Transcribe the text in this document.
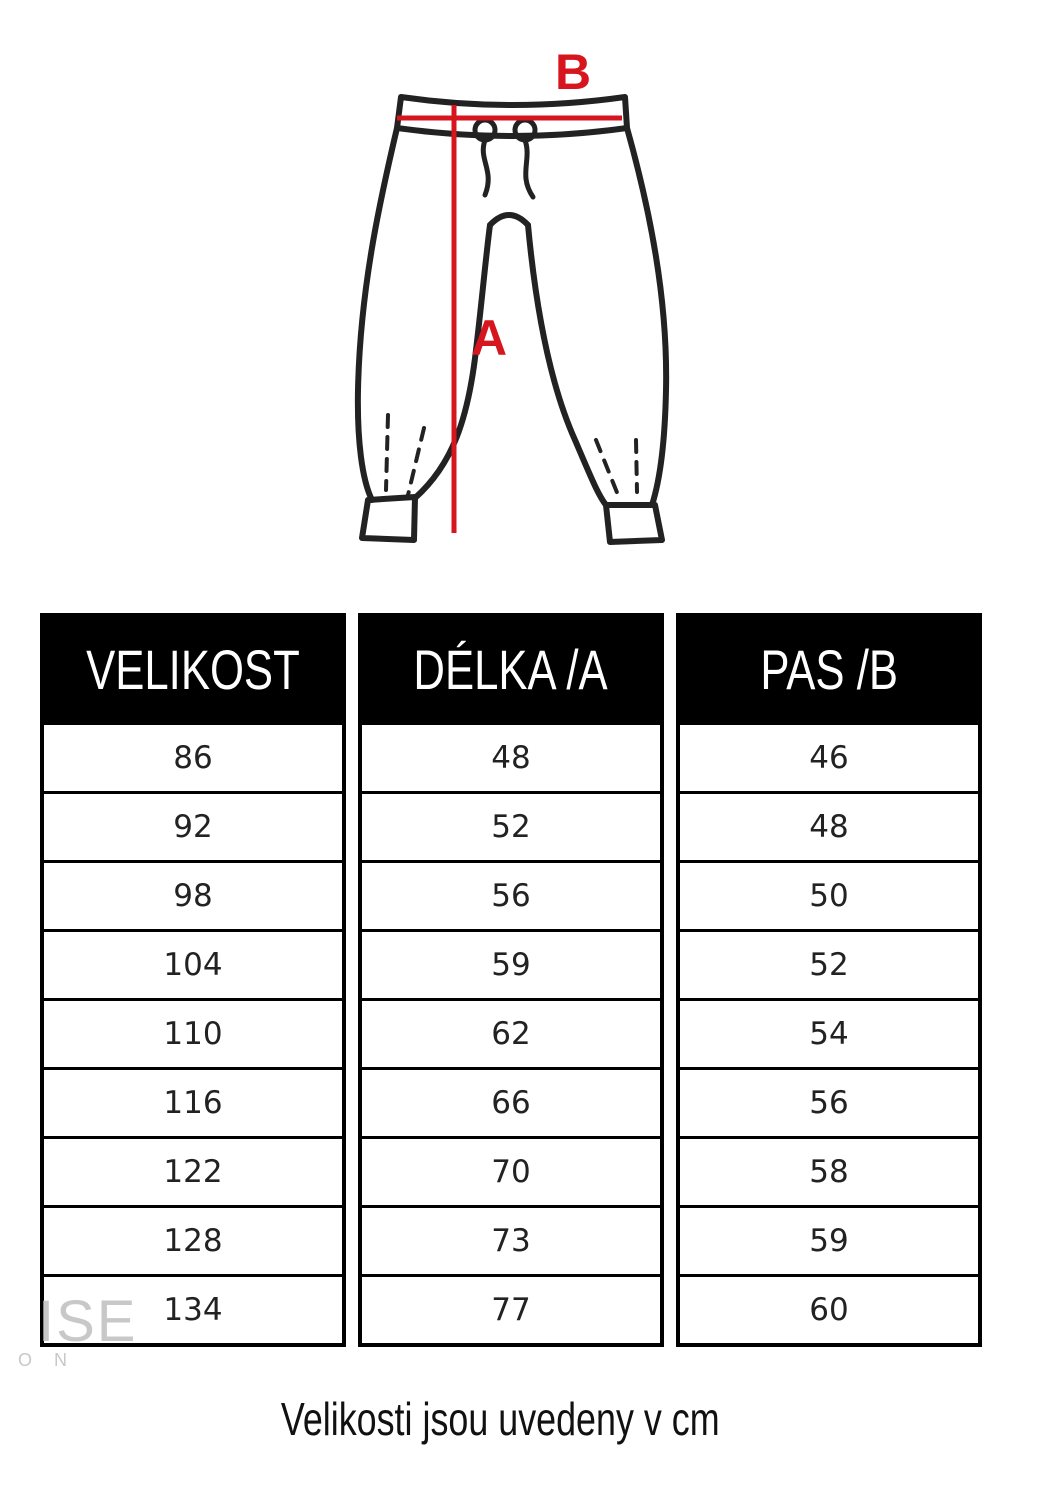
B
A
VELIKOST
86
92
98
104
110
116
122
128
134
DÉLKA /A
48
52
56
59
62
66
70
73
77
PAS /B
46
48
50
52
54
56
58
59
60
ISE
ON
Velikosti jsou uvedeny v cm
